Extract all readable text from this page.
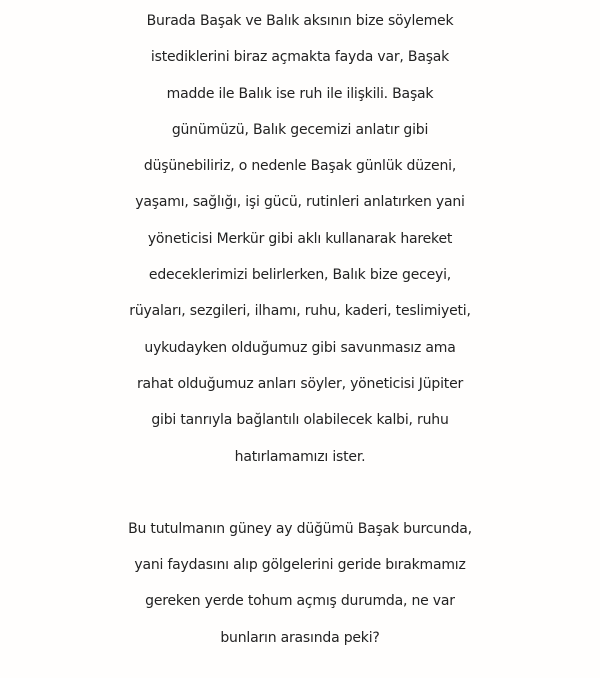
Burada Başak ve Balık aksının bize söylemek
istediklerini biraz açmakta fayda var, Başak
madde ile Balık ise ruh ile ilişkili. Başak
günümüzü, Balık gecemizi anlatır gibi
düşünebiliriz, o nedenle Başak günlük düzeni,
yaşamı, sağlığı, işi gücü, rutinleri anlatırken yani
yöneticisi Merkür gibi aklı kullanarak hareket
edeceklerimizi belirlerken, Balık bize geceyi,
rüyaları, sezgileri, ilhamı, ruhu, kaderi, teslimiyeti,
uykudayken olduğumuz gibi savunmasız ama
rahat olduğumuz anları söyler, yöneticisi Jüpiter
gibi tanrıyla bağlantılı olabilecek kalbi, ruhu
hatırlamamızı ister.

Bu tutulmanın güney ay düğümü Başak burcunda,
yani faydasını alıp gölgelerini geride bırakmamız
gereken yerde tohum açmış durumda, ne var
bunların arasında peki?
